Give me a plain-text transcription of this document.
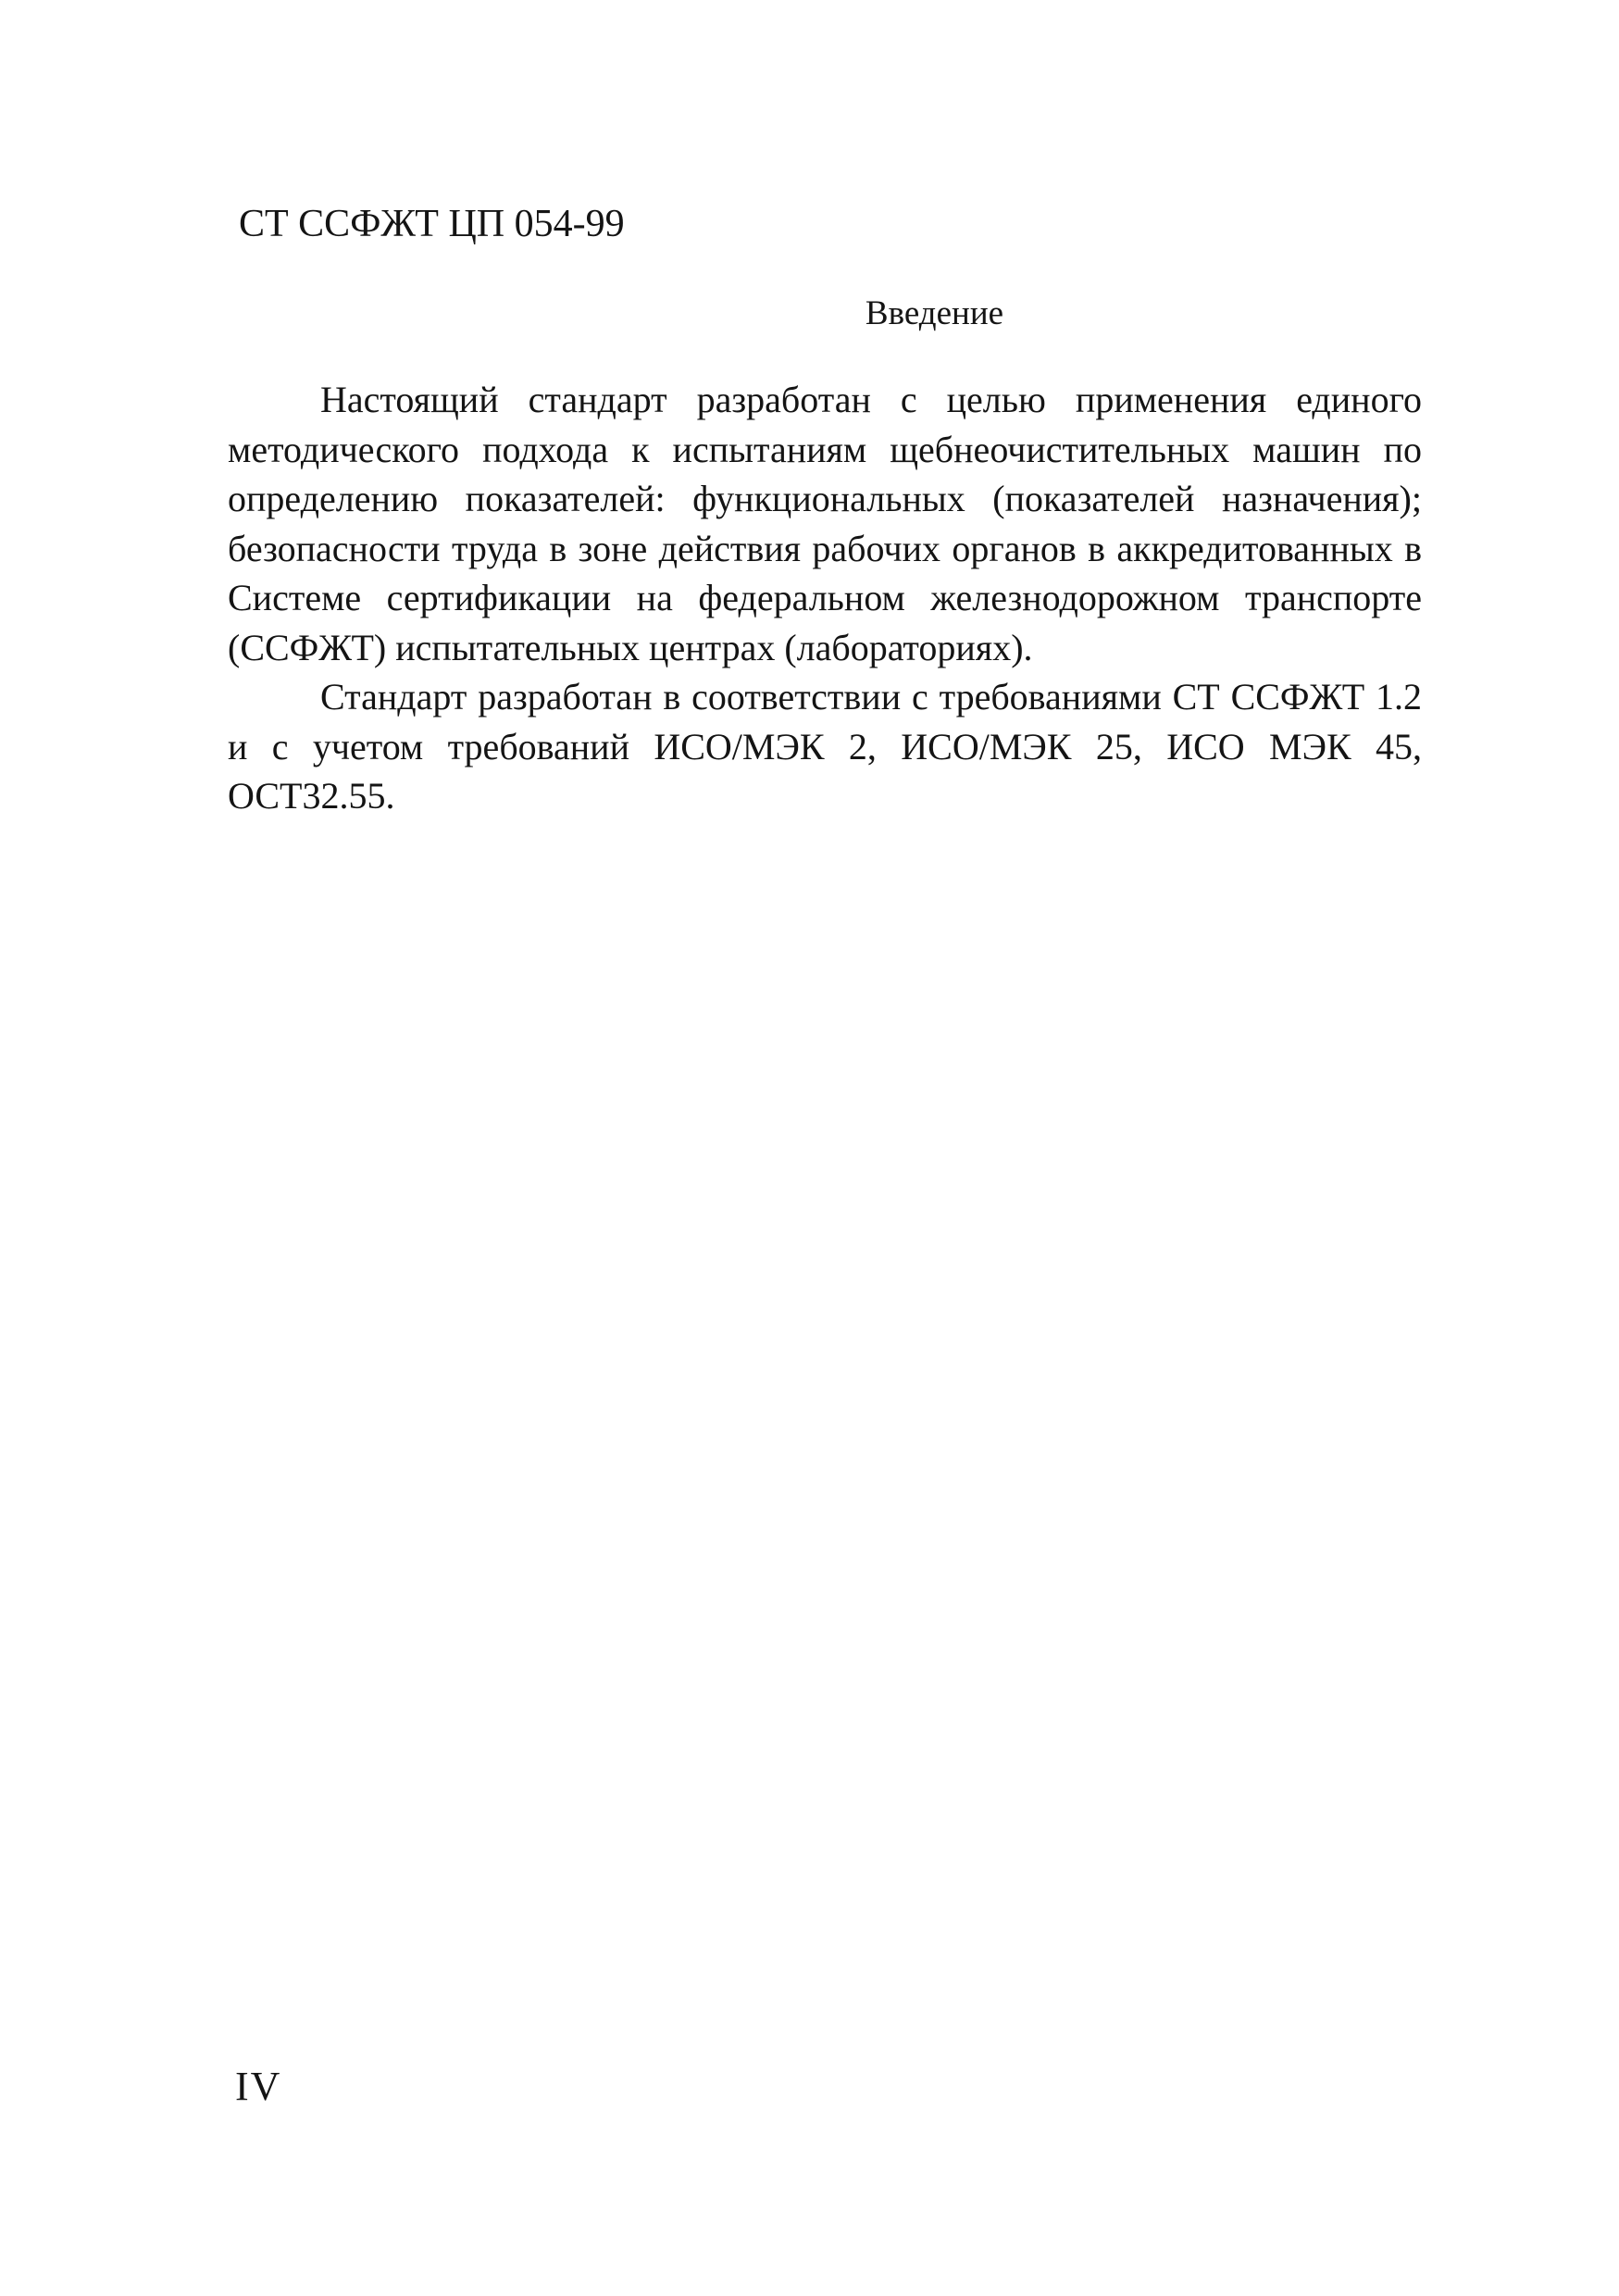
СТ ССФЖТ ЦП 054-99
Введение

Настоящий стандарт разработан с целью применения единого методического подхода к испытаниям щебнеочистительных машин по определению показателей: функциональных (показателей назначения); безопасности труда в зоне действия рабочих органов в аккредитованных в Системе сертификации на федеральном железнодорожном транспорте (ССФЖТ) испытательных центрах (лабораториях).

Стандарт разработан в соответствии с требованиями СТ ССФЖТ 1.2 и с учетом требований ИСО/МЭК 2, ИСО/МЭК 25, ИСО МЭК 45, ОСТ32.55.

IV
